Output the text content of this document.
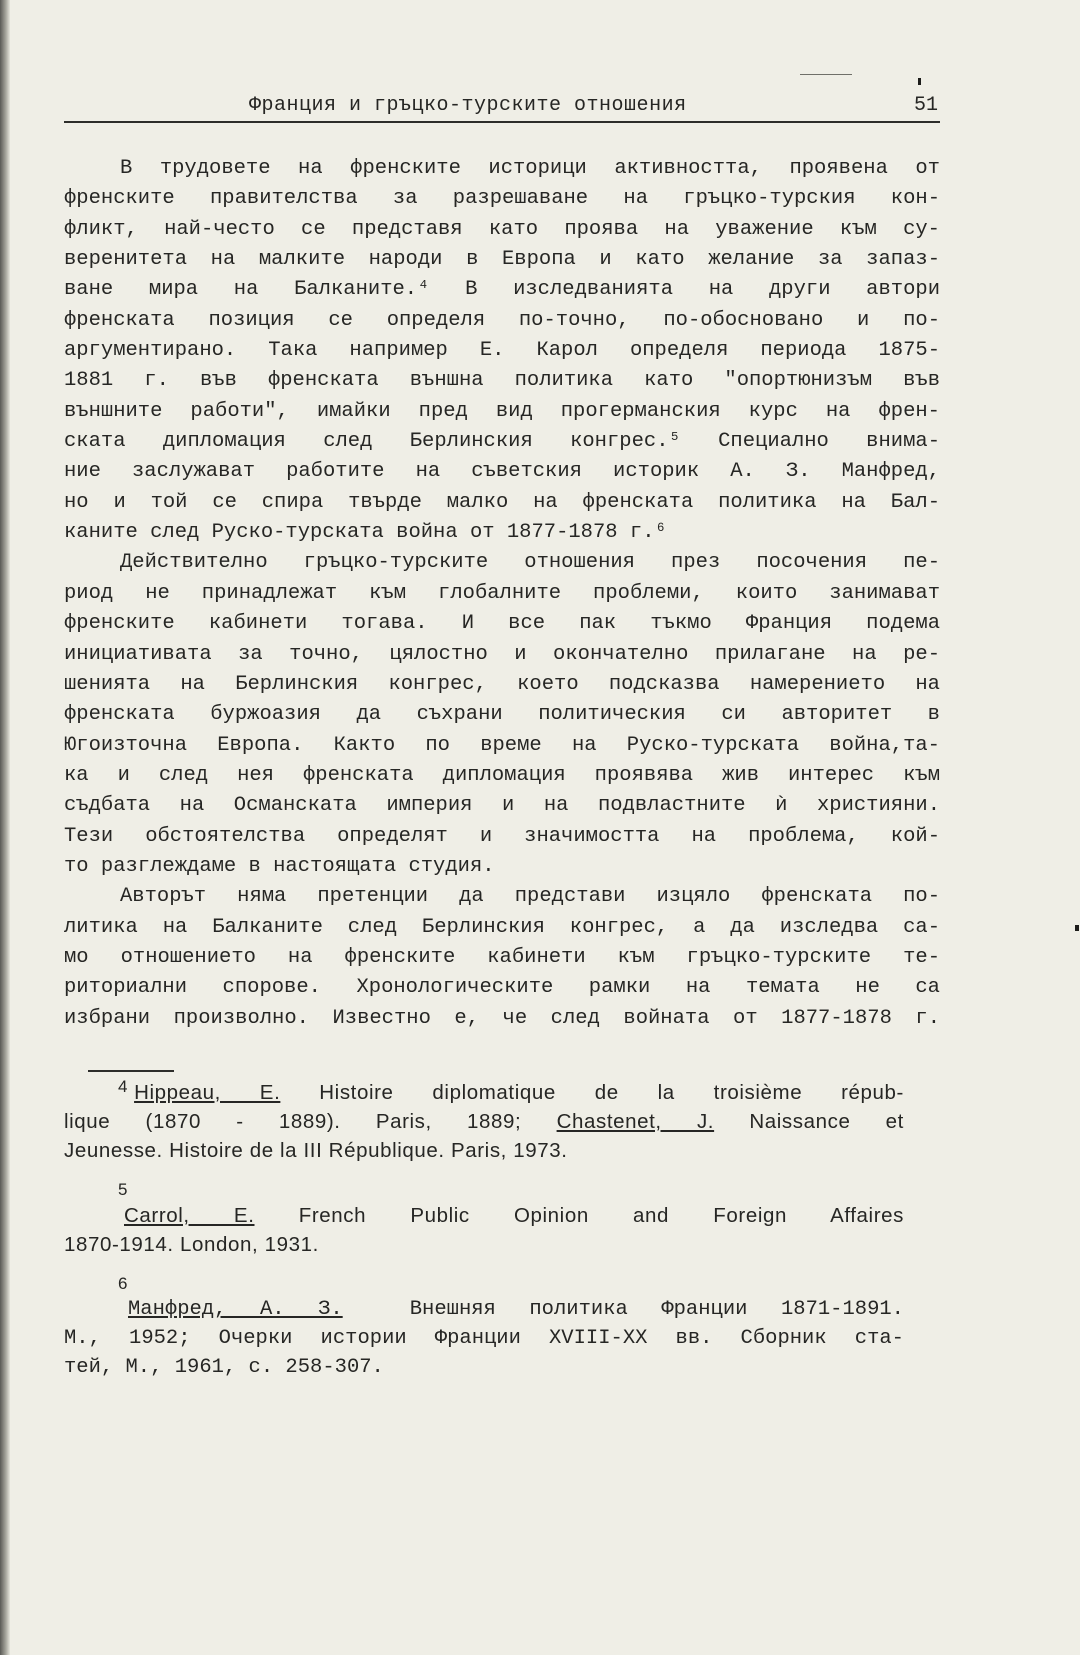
Франция и гръцко-турските отношения	51
В трудовете на френските историци активността, проявена от
френските правителства за разрешаване на гръцко-турския кон-
фликт, най-често се представя като проява на уважение към су-
веренитета на малките народи в Европа и като желание за запаз-
ване мира на Балканите.⁴ В изследванията на други автори
френската позиция се определя по-точно, по-обосновано и по-
аргументирано. Така например Е. Карол определя периода 1875-
1881 г. във френската външна политика като "опортюнизъм във
външните работи", имайки пред вид прогерманския курс на френ-
ската дипломация след Берлинския конгрес.⁵ Специално внима-
ние заслужават работите на съветския историк А. З. Манфред,
но и той се спира твърде малко на френската политика на Бал-
каните след Руско-турската война от 1877-1878 г.⁶
Действително гръцко-турските отношения през посочения пе-
риод не принадлежат към глобалните проблеми, които занимават
френските кабинети тогава. И все пак тъкмо Франция подема
инициативата за точно, цялостно и окончателно прилагане на ре-
шенията на Берлинския конгрес, което подсказва намерението на
френската буржоазия да съхрани политическия си авторитет в
Югоизточна Европа. Както по време на Руско-турската война,та-
ка и след нея френската дипломация проявява жив интерес към
съдбата на Османската империя и на подвластните ѝ християни.
Тези обстоятелства определят и значимостта на проблема, кой-
то разглеждаме в настоящата студия.
Авторът няма претенции да представи изцяло френската по-
литика на Балканите след Берлинския конгрес, а да изследва са-
мо отношението на френските кабинети към гръцко-турските те-
риториални спорове. Хронологическите рамки на темата не са
избрани произволно. Известно е, че след войната от 1877-1878 г.
$^4$ Hippeau, E. Histoire diplomatique de la troisième répub-
lique (1870 - 1889). Paris, 1889; Chastenet, J. Naissance et
Jeunesse. Histoire de la III République. Paris, 1973.
5
Carrol, E. French Public Opinion and Foreign Affaires
1870-1914. London, 1931.
6
Манфред, А. З.  Внешняя политика Франции 1871-1891.
М., 1952; Очерки истории Франции XVIII-XX вв. Сборник ста-
тей, М., 1961, с. 258-307.
